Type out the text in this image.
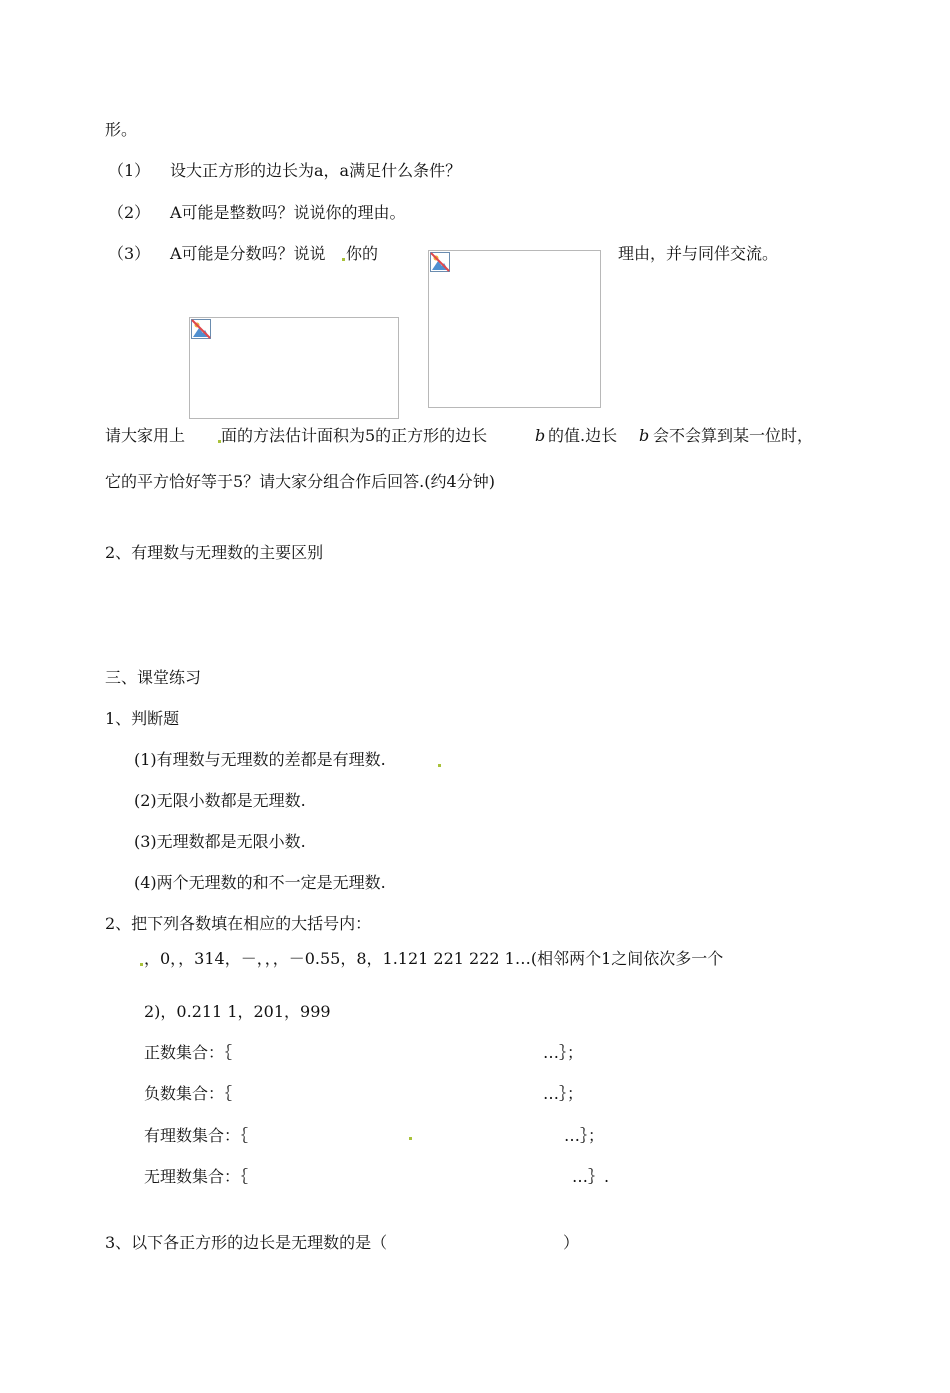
形。
（1） 设大正方形的边长为a，a满足什么条件？
（2） A可能是整数吗？说说你的理由。
（3） A可能是分数吗？说说 你的	理由，并与同伴交流。
请大家用上 面的方法估计面积为5的正方形的边长	b 的值.边长 b 会不会算到某一位时，
它的平方恰好等于5？请大家分组合作后回答.(约4分钟)
2、有理数与无理数的主要区别
三、课堂练习
1、判断题
(1)有理数与无理数的差都是有理数.
(2)无限小数都是无理数.
(3)无理数都是无限小数.
(4)两个无理数的和不一定是无理数.
2、把下列各数填在相应的大括号内：
，0，，314，－，，，－0.55，8，1.121 221 222 1…(相邻两个1之间依次多一个
2)，0.211 1，201，999
正数集合：｛	…｝；
负数集合：｛	…｝；
有理数集合：｛	…｝；
无理数集合：｛	…｝.
3、以下各正方形的边长是无理数的是（	）
